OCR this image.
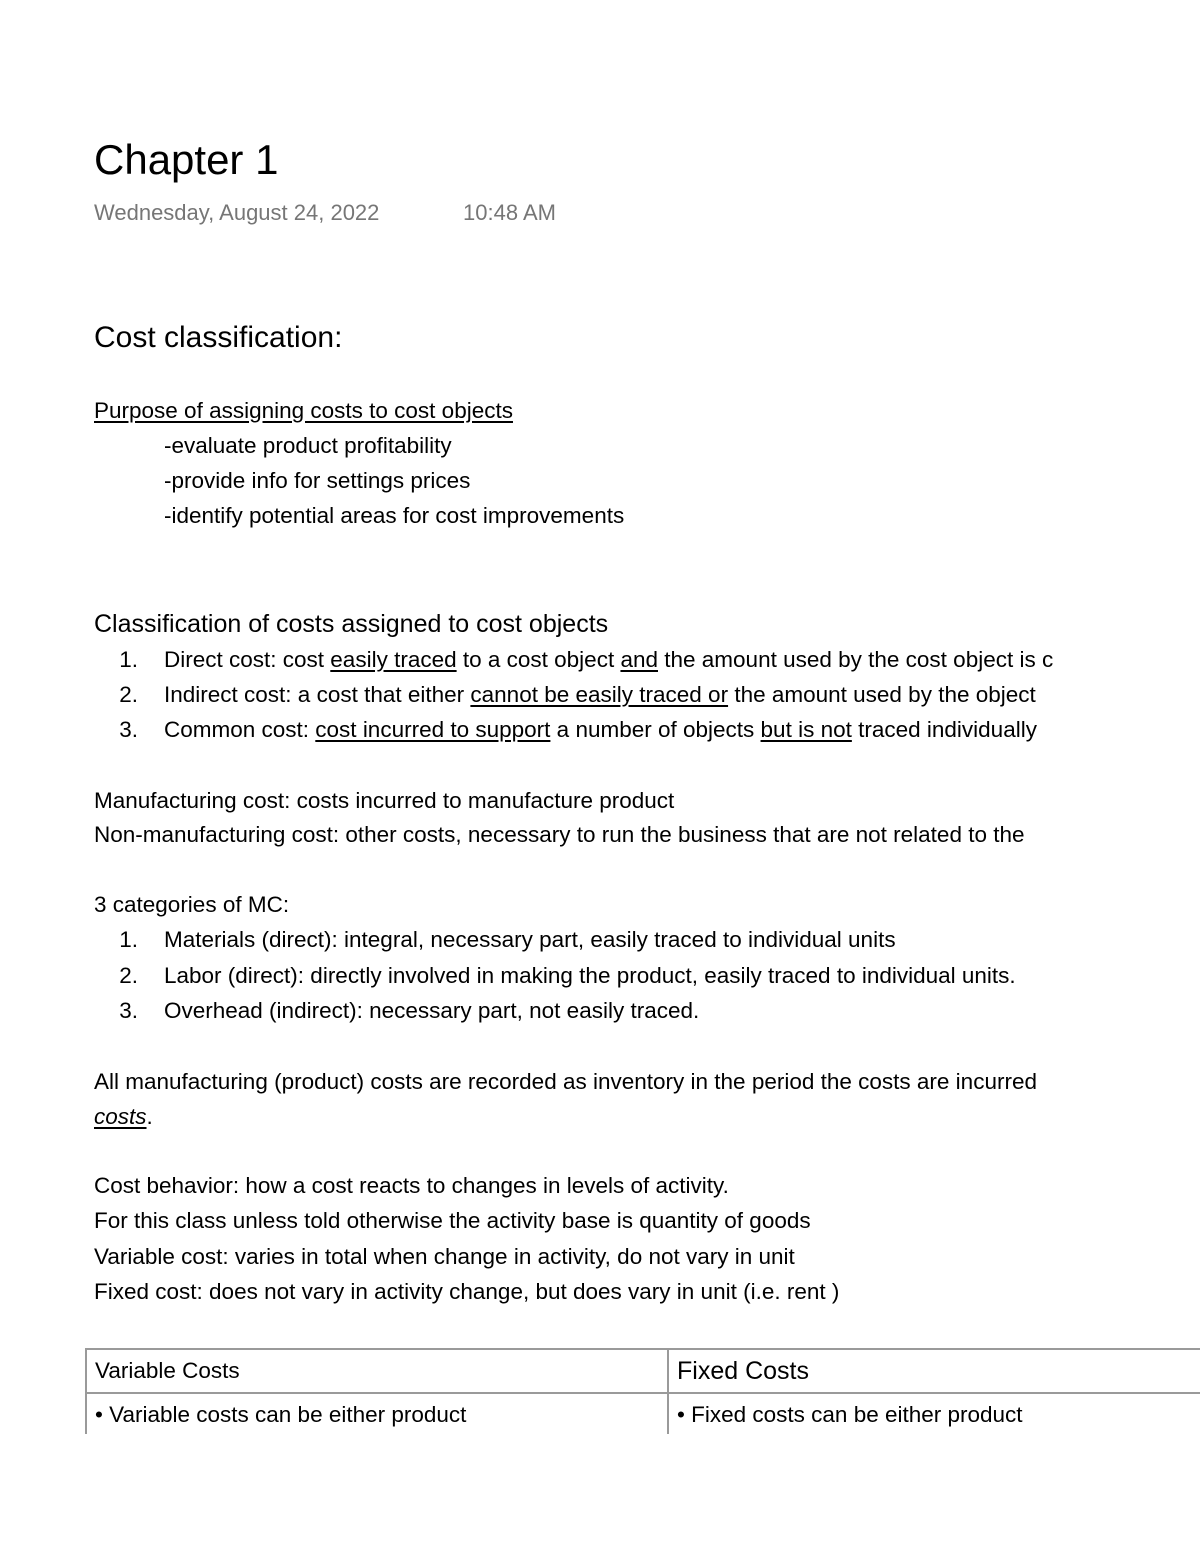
Chapter 1
Wednesday, August 24, 2022	10:48 AM
Cost classification:
Purpose of assigning costs to cost objects
-evaluate product profitability
-provide info for settings prices
-identify potential areas for cost improvements
Classification of costs assigned to cost objects
1. Direct cost: cost easily traced to a cost object and the amount used by the cost object is c
2. Indirect cost: a cost that either cannot be easily traced or the amount used by the object
3. Common cost: cost incurred to support a number of objects but is not traced individually
Manufacturing cost: costs incurred to manufacture product
Non-manufacturing cost: other costs, necessary to run the business that are not related to the
3 categories of MC:
1. Materials (direct): integral, necessary part, easily traced to individual units
2. Labor (direct): directly involved in making the product, easily traced to individual units.
3. Overhead (indirect): necessary part, not easily traced.
All manufacturing (product) costs are recorded as inventory in the period the costs are incurred
costs.
Cost behavior: how a cost reacts to changes in levels of activity.
For this class unless told otherwise the activity base is quantity of goods
Variable cost: varies in total when change in activity, do not vary in unit
Fixed cost: does not vary in activity change, but does vary in unit (i.e. rent )
Variable Costs	Fixed Costs
• Variable costs can be either product	• Fixed costs can be either product
